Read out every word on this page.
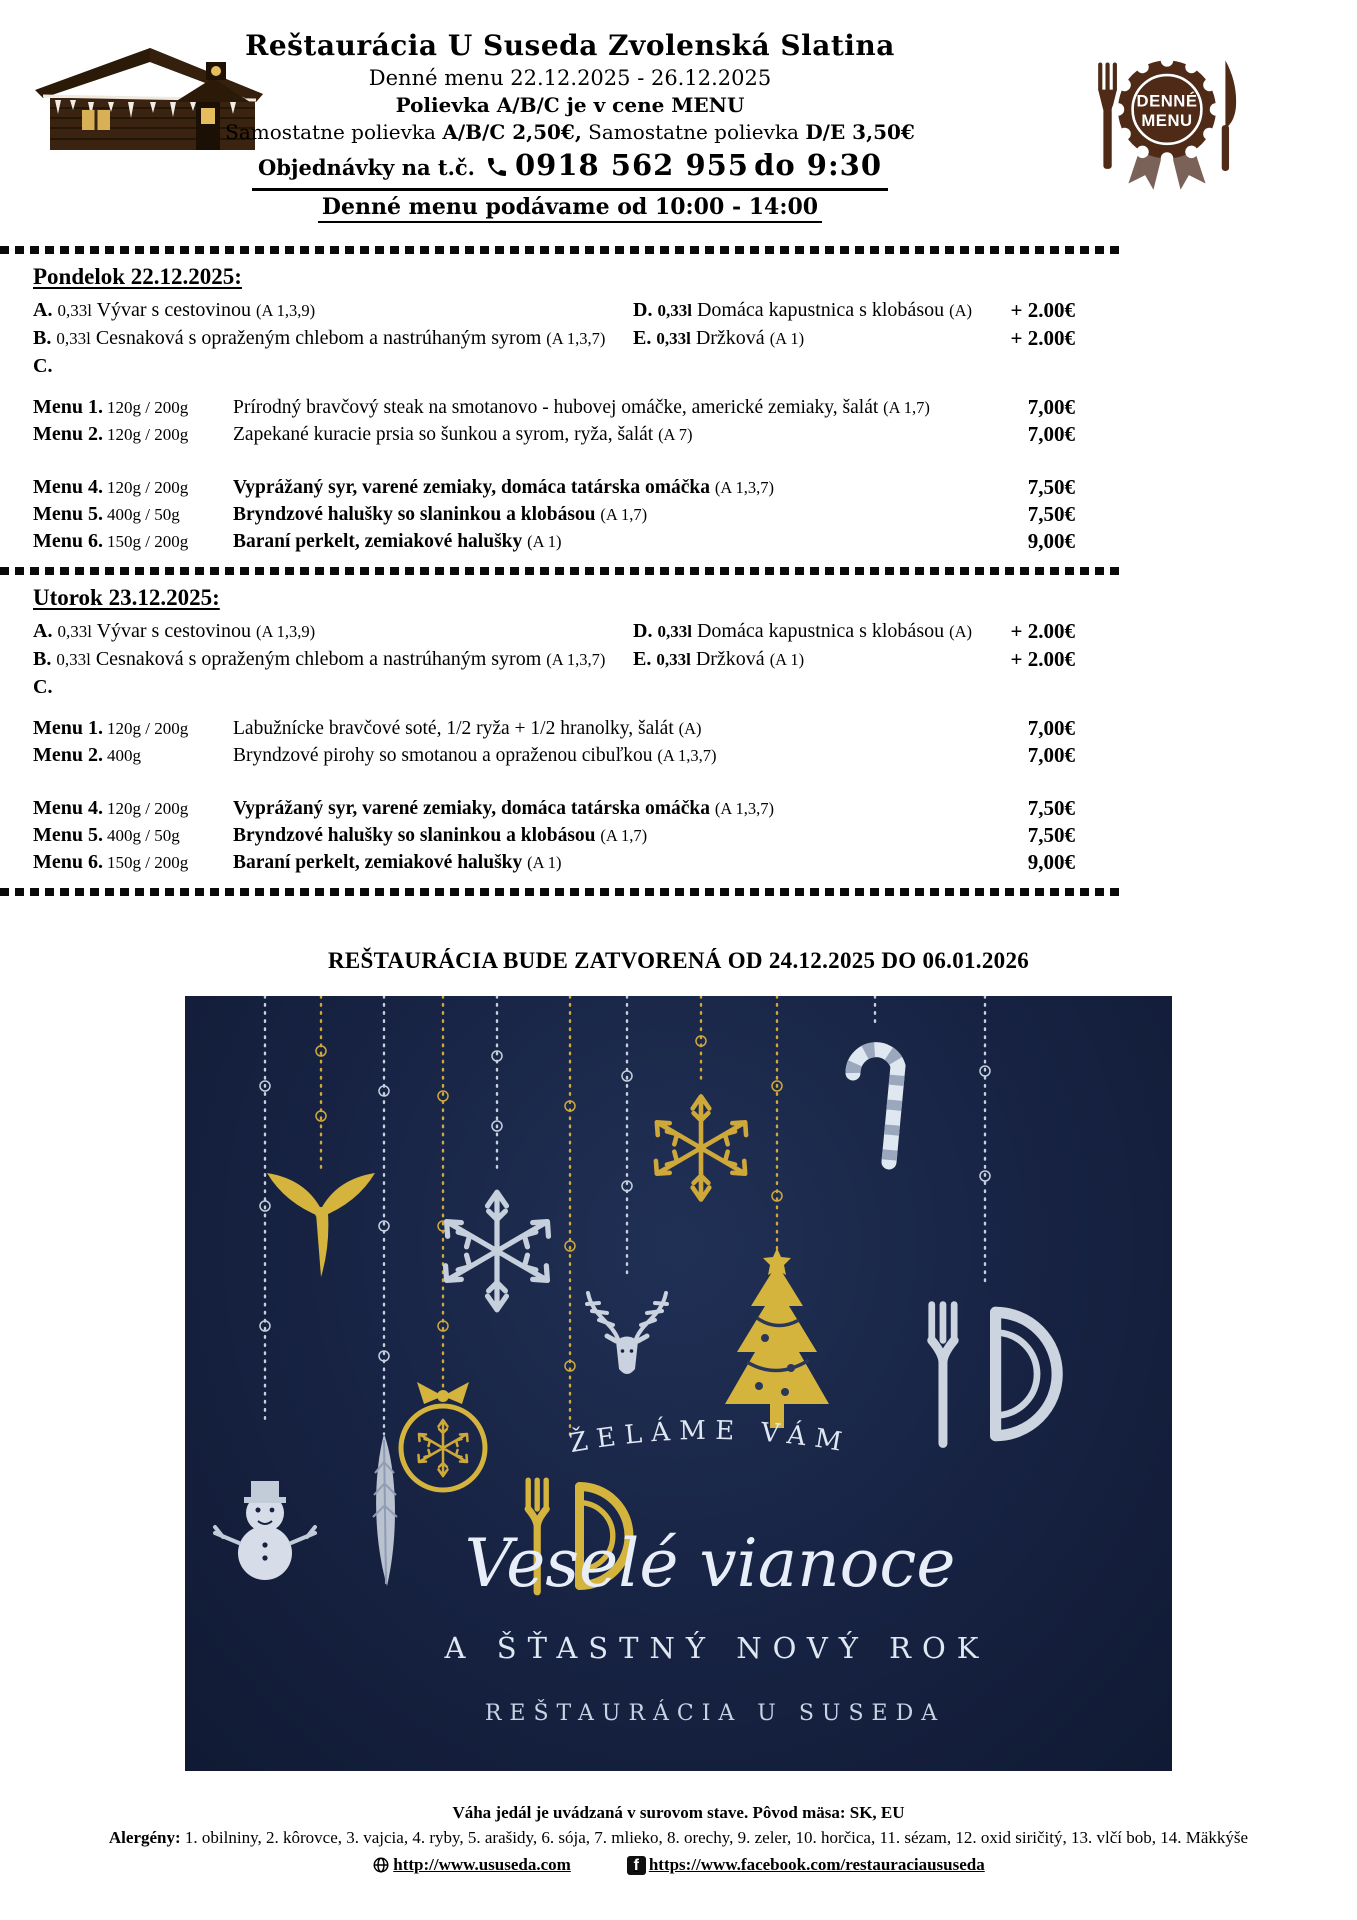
Reštaurácia U Suseda Zvolenská Slatina
Denné menu 22.12.2025 - 26.12.2025
Polievka A/B/C je v cene MENU
Samostatne polievka A/B/C 2,50€, Samostatne polievka D/E 3,50€
Objednávky na t.č. 0918 562 955 do 9:30
Denné menu podávame od 10:00 - 14:00
DENNÉ
MENU
Pondelok 22.12.2025:
A. 0,33l Vývar s cestovinou (A 1,3,9)
B. 0,33l Cesnaková s opraženým chlebom a nastrúhaným syrom (A 1,3,7)
C.
D. 0,33l Domáca kapustnica s klobásou (A)	+ 2.00€
E. 0,33l Držková (A 1)	+ 2.00€
Menu 1. 120g / 200g	Prírodný bravčový steak na smotanovo - hubovej omáčke, americké zemiaky, šalát (A 1,7)	7,00€
Menu 2. 120g / 200g	Zapekané kuracie prsia so šunkou a syrom, ryža, šalát (A 7)	7,00€
Menu 4. 120g / 200g	Vyprážaný syr, varené zemiaky, domáca tatárska omáčka (A 1,3,7)	7,50€
Menu 5. 400g / 50g	Bryndzové halušky so slaninkou a klobásou (A 1,7)	7,50€
Menu 6. 150g / 200g	Baraní perkelt, zemiakové halušky (A 1)	9,00€
Utorok 23.12.2025:
A. 0,33l Vývar s cestovinou (A 1,3,9)
B. 0,33l Cesnaková s opraženým chlebom a nastrúhaným syrom (A 1,3,7)
C.
D. 0,33l Domáca kapustnica s klobásou (A)	+ 2.00€
E. 0,33l Držková (A 1)	+ 2.00€
Menu 1. 120g / 200g	Labužnícke bravčové soté, 1/2 ryža + 1/2 hranolky, šalát (A)	7,00€
Menu 2. 400g	Bryndzové pirohy so smotanou a opraženou cibuľkou (A 1,3,7)	7,00€
Menu 4. 120g / 200g	Vyprážaný syr, varené zemiaky, domáca tatárska omáčka (A 1,3,7)	7,50€
Menu 5. 400g / 50g	Bryndzové halušky so slaninkou a klobásou (A 1,7)	7,50€
Menu 6. 150g / 200g	Baraní perkelt, zemiakové halušky (A 1)	9,00€
REŠTAURÁCIA BUDE ZATVORENÁ OD 24.12.2025 DO 06.01.2026
ŽELÁME VÁM
Veselé vianoce
A ŠŤASTNÝ NOVÝ ROK
REŠTAURÁCIA U SUSEDA
Váha jedál je uvádzaná v surovom stave. Pôvod mäsa: SK, EU
Alergény: 1. obilniny, 2. kôrovce, 3. vajcia, 4. ryby, 5. arašidy, 6. sója, 7. mlieko, 8. orechy, 9. zeler, 10. horčica, 11. sézam, 12. oxid siričitý, 13. vlčí bob, 14. Mäkkýše
http://www.ususeda.com	f https://www.facebook.com/restauraciaususeda
